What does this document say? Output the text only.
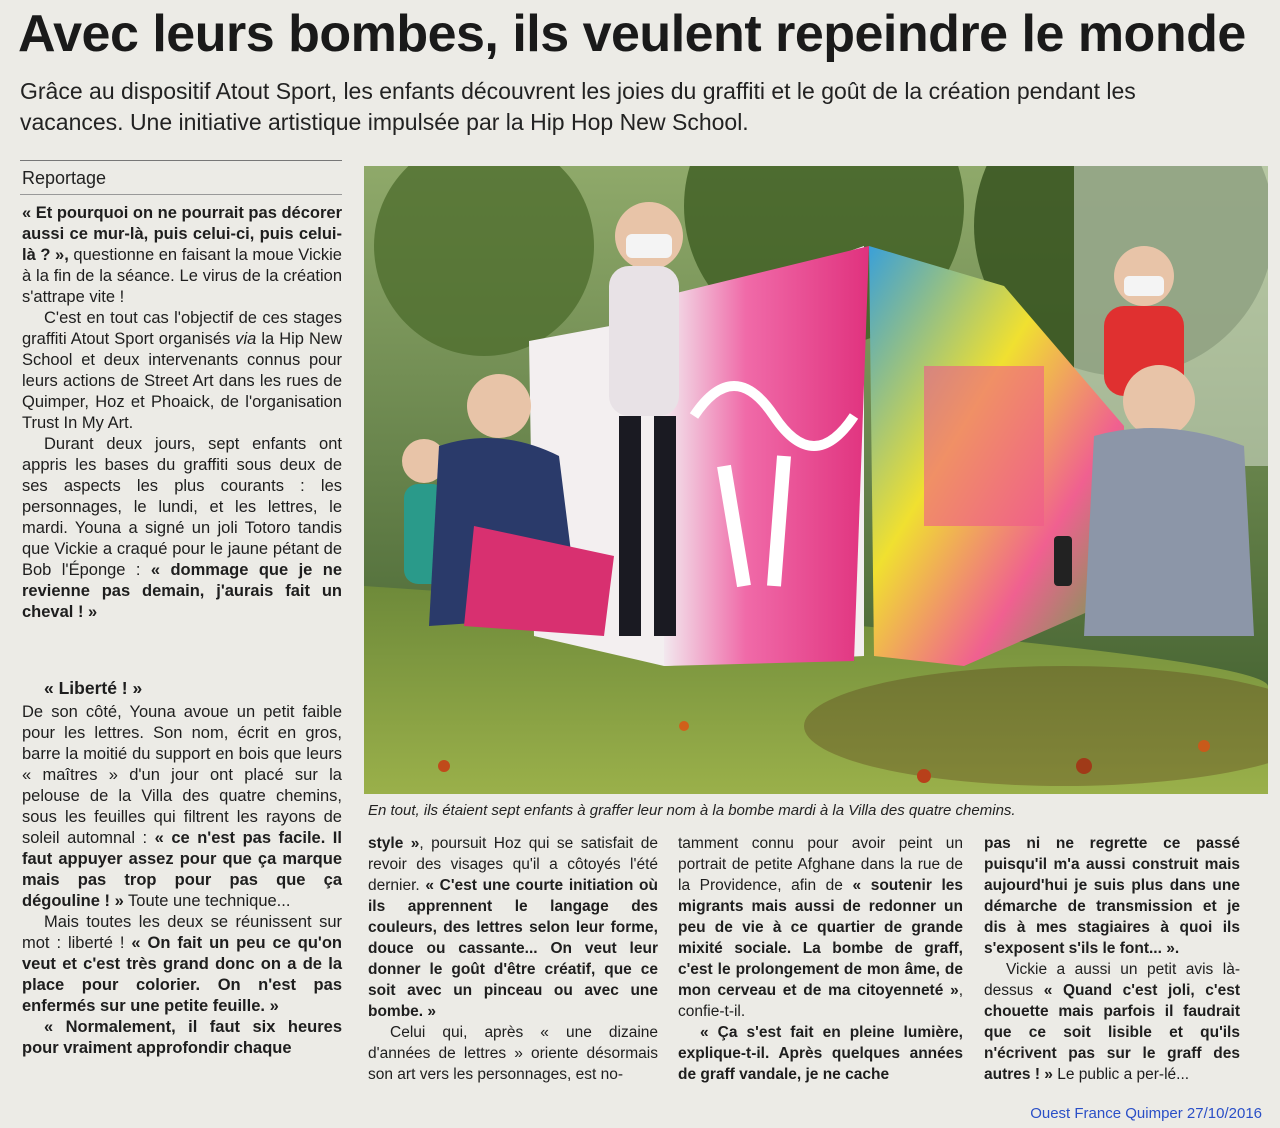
Avec leurs bombes, ils veulent repeindre le monde
Grâce au dispositif Atout Sport, les enfants découvrent les joies du graffiti et le goût de la création pendant les vacances. Une initiative artistique impulsée par la Hip Hop New School.
Reportage

« Et pourquoi on ne pourrait pas décorer aussi ce mur-là, puis celui-ci, puis celui-là ? », questionne en faisant la moue Vickie à la fin de la séance. Le virus de la création s'attrape vite !

C'est en tout cas l'objectif de ces stages graffiti Atout Sport organisés via la Hip New School et deux intervenants connus pour leurs actions de Street Art dans les rues de Quimper, Hoz et Phoaick, de l'organisation Trust In My Art.

Durant deux jours, sept enfants ont appris les bases du graffiti sous deux de ses aspects les plus courants : les personnages, le lundi, et les lettres, le mardi. Youna a signé un joli Totoro tandis que Vickie a craqué pour le jaune pétant de Bob l'Éponge : « dommage que je ne revienne pas demain, j'aurais fait un cheval ! »

« Liberté ! »

De son côté, Youna avoue un petit faible pour les lettres. Son nom, écrit en gros, barre la moitié du support en bois que leurs « maîtres » d'un jour ont placé sur la pelouse de la Villa des quatre chemins, sous les feuilles qui filtrent les rayons de soleil automnal : « ce n'est pas facile. Il faut appuyer assez pour que ça marque mais pas trop pour pas que ça dégouline ! » Toute une technique...

Mais toutes les deux se réunissent sur mot : liberté ! « On fait un peu ce qu'on veut et c'est très grand donc on a de la place pour colorier. On n'est pas enfermés sur une petite feuille. »

« Normalement, il faut six heures pour vraiment approfondir chaque

En tout, ils étaient sept enfants à graffer leur nom à la bombe mardi à la Villa des quatre chemins.

style », poursuit Hoz qui se satisfait de revoir des visages qu'il a côtoyés l'été dernier. « C'est une courte initiation où ils apprennent le langage des couleurs, des lettres selon leur forme, douce ou cassante... On veut leur donner le goût d'être créatif, que ce soit avec un pinceau ou avec une bombe. »

Celui qui, après « une dizaine d'années de lettres » oriente désormais son art vers les personnages, est no-

tamment connu pour avoir peint un portrait de petite Afghane dans la rue de la Providence, afin de « soutenir les migrants mais aussi de redonner un peu de vie à ce quartier de grande mixité sociale. La bombe de graff, c'est le prolongement de mon âme, de mon cerveau et de ma citoyenneté », confie-t-il.

« Ça s'est fait en pleine lumière, explique-t-il. Après quelques années de graff vandale, je ne cache

pas ni ne regrette ce passé puisqu'il m'a aussi construit mais aujourd'hui je suis plus dans une démarche de transmission et je dis à mes stagiaires à quoi ils s'exposent s'ils le font... ».

Vickie a aussi un petit avis là-dessus « Quand c'est joli, c'est chouette mais parfois il faudrait que ce soit lisible et qu'ils n'écrivent pas sur le graff des autres ! » Le public a per-lé...

Ouest France Quimper 27/10/2016
